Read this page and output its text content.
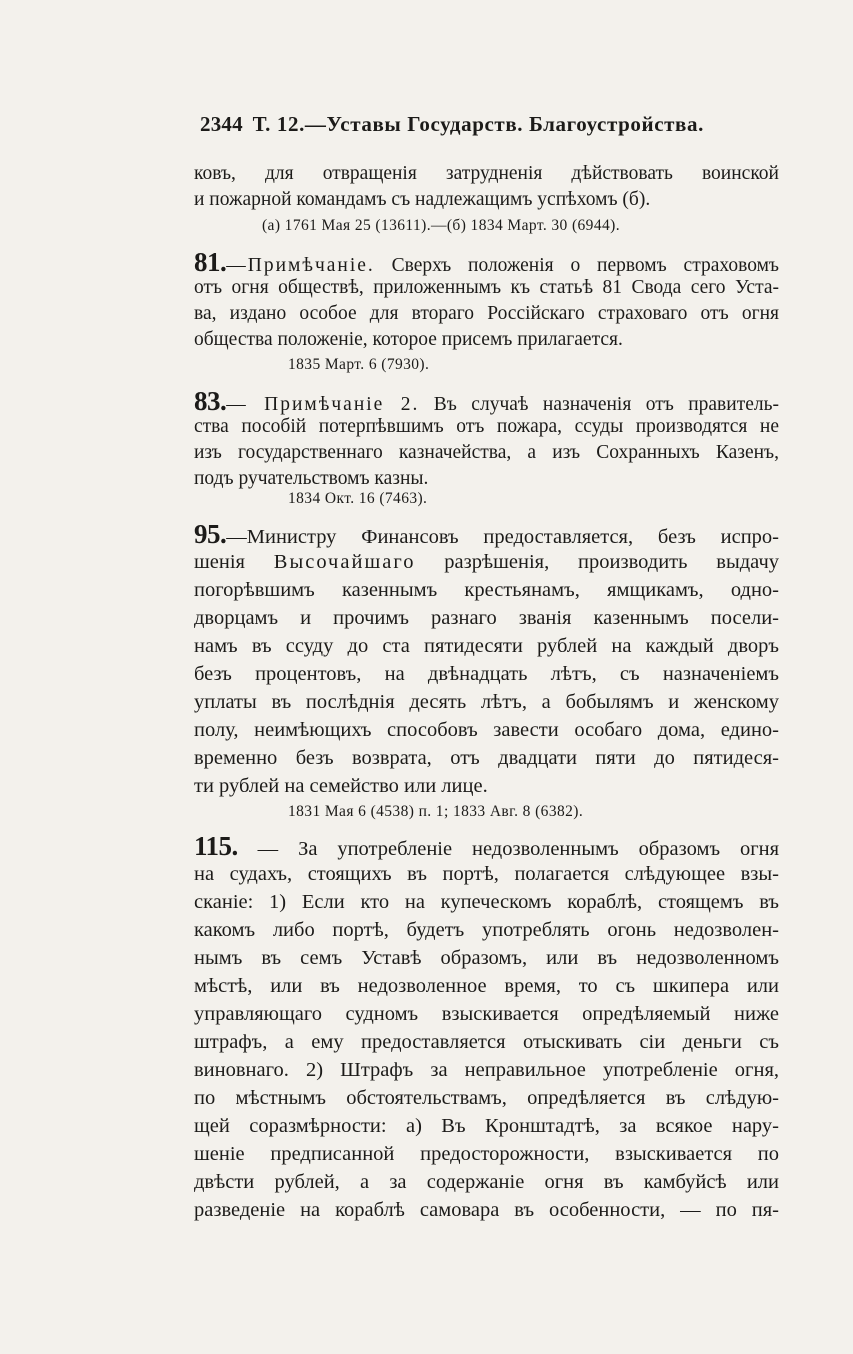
2344 Т. 12.—Уставы Государств. Благоустройства.
ковъ, для отвращенія затрудненія дѣйствовать воинской
и пожарной командамъ съ надлежащимъ успѣхомъ (б).
(а) 1761 Мая 25 (13611).—(б) 1834 Март. 30 (6944).
81.—Примѣчаніе. Сверхъ положенія о первомъ страховомъ
отъ огня обществѣ, приложеннымъ къ статьѣ 81 Свода сего Уста-
ва, издано особое для втораго Россійскаго страховаго отъ огня
общества положеніе, которое присемъ прилагается.
1835 Март. 6 (7930).
83.— Примѣчаніе 2. Въ случаѣ назначенія отъ правитель-
ства пособій потерпѣвшимъ отъ пожара, ссуды производятся не
изъ государственнаго казначейства, а изъ Сохранныхъ Казенъ,
подъ ручательствомъ казны.
1834 Окт. 16 (7463).
95.—Министру Финансовъ предоставляется, безъ испро-
шенія Высочайшаго разрѣшенія, производить выдачу
погорѣвшимъ казеннымъ крестьянамъ, ямщикамъ, одно-
дворцамъ и прочимъ разнаго званія казеннымъ посели-
намъ въ ссуду до ста пятидесяти рублей на каждый дворъ
безъ процентовъ, на двѣнадцать лѣтъ, съ назначеніемъ
уплаты въ послѣднія десять лѣтъ, а бобылямъ и женскому
полу, неимѣющихъ способовъ завести особаго дома, едино-
временно безъ возврата, отъ двадцати пяти до пятидеся-
ти рублей на семейство или лице.
1831 Мая 6 (4538) п. 1; 1833 Авг. 8 (6382).
115. — За употребленіе недозволеннымъ образомъ огня
на судахъ, стоящихъ въ портѣ, полагается слѣдующее взы-
сканіе: 1) Если кто на купеческомъ кораблѣ, стоящемъ въ
какомъ либо портѣ, будетъ употреблять огонь недозволен-
нымъ въ семъ Уставѣ образомъ, или въ недозволенномъ
мѣстѣ, или въ недозволенное время, то съ шкипера или
управляющаго судномъ взыскивается опредѣляемый ниже
штрафъ, а ему предоставляется отыскивать сіи деньги съ
виновнаго. 2) Штрафъ за неправильное употребленіе огня,
по мѣстнымъ обстоятельствамъ, опредѣляется въ слѣдую-
щей соразмѣрности: а) Въ Кронштадтѣ, за всякое нару-
шеніе предписанной предосторожности, взыскивается по
двѣсти рублей, а за содержаніе огня въ камбуйсѣ или
разведеніе на кораблѣ самовара въ особенности, — по пя-
